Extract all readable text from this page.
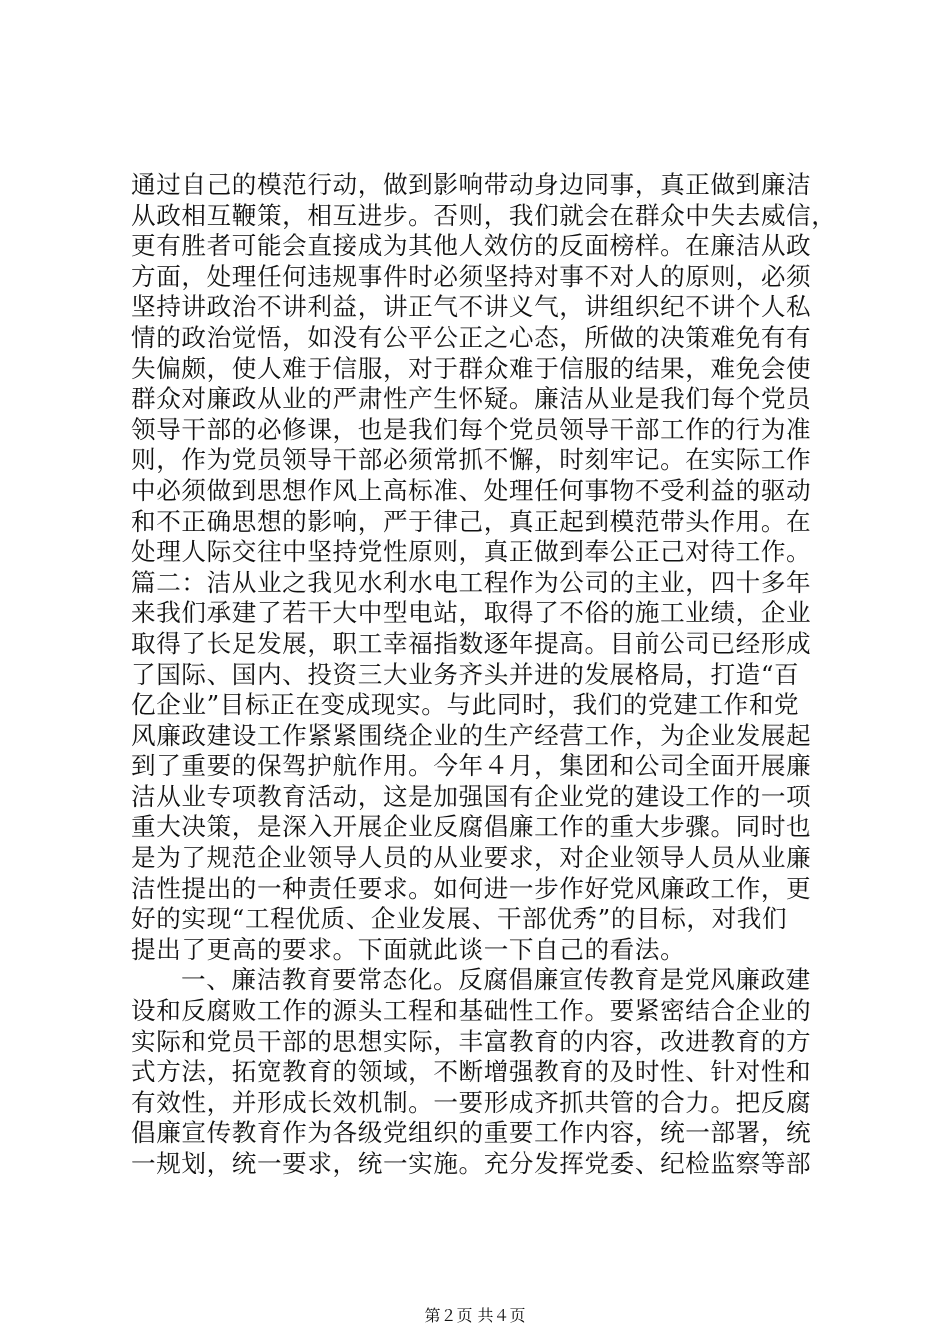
通过自己的模范行动，做到影响带动身边同事，真正做到廉洁
从政相互鞭策，相互进步。否则，我们就会在群众中失去威信，
更有胜者可能会直接成为其他人效仿的反面榜样。在廉洁从政
方面，处理任何违规事件时必须坚持对事不对人的原则，必须
坚持讲政治不讲利益，讲正气不讲义气，讲组织纪不讲个人私
情的政治觉悟，如没有公平公正之心态，所做的决策难免有有
失偏颇，使人难于信服，对于群众难于信服的结果，难免会使
群众对廉政从业的严肃性产生怀疑。廉洁从业是我们每个党员
领导干部的必修课，也是我们每个党员领导干部工作的行为准
则，作为党员领导干部必须常抓不懈，时刻牢记。在实际工作
中必须做到思想作风上高标准、处理任何事物不受利益的驱动
和不正确思想的影响，严于律己，真正起到模范带头作用。在
处理人际交往中坚持党性原则，真正做到奉公正己对待工作。
篇二：洁从业之我见水利水电工程作为公司的主业，四十多年
来我们承建了若干大中型电站，取得了不俗的施工业绩，企业
取得了长足发展，职工幸福指数逐年提高。目前公司已经形成
了国际、国内、投资三大业务齐头并进的发展格局，打造“百
亿企业”目标正在变成现实。与此同时，我们的党建工作和党
风廉政建设工作紧紧围绕企业的生产经营工作，为企业发展起
到了重要的保驾护航作用。今年４月，集团和公司全面开展廉
洁从业专项教育活动，这是加强国有企业党的建设工作的一项
重大决策，是深入开展企业反腐倡廉工作的重大步骤。同时也
是为了规范企业领导人员的从业要求，对企业领导人员从业廉
洁性提出的一种责任要求。如何进一步作好党风廉政工作，更
好的实现“工程优质、企业发展、干部优秀”的目标，对我们
提出了更高的要求。下面就此谈一下自己的看法。
一、廉洁教育要常态化。反腐倡廉宣传教育是党风廉政建
设和反腐败工作的源头工程和基础性工作。要紧密结合企业的
实际和党员干部的思想实际，丰富教育的内容，改进教育的方
式方法，拓宽教育的领域，不断增强教育的及时性、针对性和
有效性，并形成长效机制。一要形成齐抓共管的合力。把反腐
倡廉宣传教育作为各级党组织的重要工作内容，统一部署，统
一规划，统一要求，统一实施。充分发挥党委、纪检监察等部
第２页 共４页
